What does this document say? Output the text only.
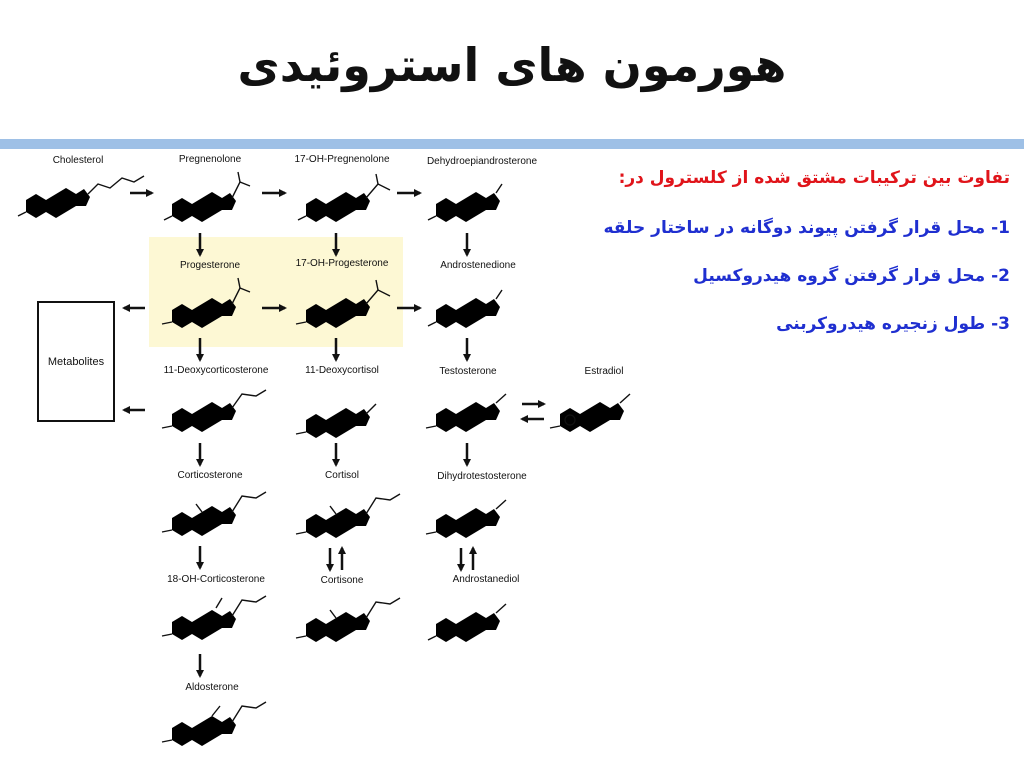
هورمون های استروئیدی
Metabolites
Cholesterol	Pregnenolone	17-OH-Pregnenolone	Dehydroepiandrosterone
Progesterone	17-OH-Progesterone	Androstenedione
11-Deoxycorticosterone	11-Deoxycortisol	Testosterone	Estradiol
Corticosterone	Cortisol	Dihydrotestosterone
18-OH-Corticosterone	Cortisone	Androstanediol
Aldosterone
تفاوت بین ترکیبات مشتق شده از کلسترول در:
1- محل قرار گرفتن پیوند دوگانه در ساختار حلقه
2- محل قرار گرفتن گروه هیدروکسیل
3- طول زنجیره هیدروکربنی
